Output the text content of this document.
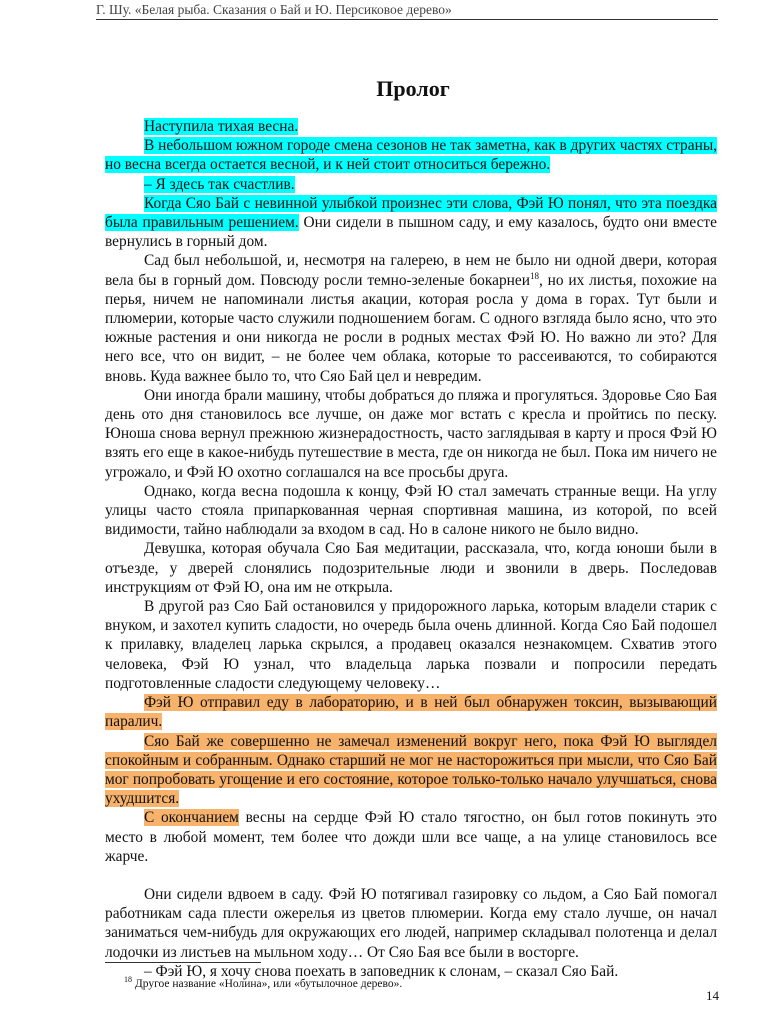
Г. Шу. «Белая рыба. Сказания о Бай и Ю. Персиковое дерево»
Пролог

Наступила тихая весна.

В небольшом южном городе смена сезонов не так заметна, как в других частях страны, но весна всегда остается весной, и к ней стоит относиться бережно.

– Я здесь так счастлив.

Когда Сяо Бай с невинной улыбкой произнес эти слова, Фэй Ю понял, что эта поездка была правильным решением. Они сидели в пышном саду, и ему казалось, будто они вместе вернулись в горный дом.

Сад был небольшой, и, несмотря на галерею, в нем не было ни одной двери, которая вела бы в горный дом. Повсюду росли темно-зеленые бокарнеи$^{18}$, но их листья, похожие на перья, ничем не напоминали листья акации, которая росла у дома в горах. Тут были и плюмерии, которые часто служили подношением богам. С одного взгляда было ясно, что это южные растения и они никогда не росли в родных местах Фэй Ю. Но важно ли это? Для него все, что он видит, – не более чем облака, которые то рассеиваются, то собираются вновь. Куда важнее было то, что Сяо Бай цел и невредим.

Они иногда брали машину, чтобы добраться до пляжа и прогуляться. Здоровье Сяо Бая день ото дня становилось все лучше, он даже мог встать с кресла и пройтись по песку. Юноша снова вернул прежнюю жизнерадостность, часто заглядывая в карту и прося Фэй Ю взять его еще в какое-нибудь путешествие в места, где он никогда не был. Пока им ничего не угрожало, и Фэй Ю охотно соглашался на все просьбы друга.

Однако, когда весна подошла к концу, Фэй Ю стал замечать странные вещи. На углу улицы часто стояла припаркованная черная спортивная машина, из которой, по всей видимости, тайно наблюдали за входом в сад. Но в салоне никого не было видно.

Девушка, которая обучала Сяо Бая медитации, рассказала, что, когда юноши были в отъезде, у дверей слонялись подозрительные люди и звонили в дверь. Последовав инструкциям от Фэй Ю, она им не открыла.

В другой раз Сяо Бай остановился у придорожного ларька, которым владели старик с внуком, и захотел купить сладости, но очередь была очень длинной. Когда Сяо Бай подошел к прилавку, владелец ларька скрылся, а продавец оказался незнакомцем. Схватив этого человека, Фэй Ю узнал, что владельца ларька позвали и попросили передать подготовленные сладости следующему человеку…

Фэй Ю отправил еду в лабораторию, и в ней был обнаружен токсин, вызывающий паралич.

Сяо Бай же совершенно не замечал изменений вокруг него, пока Фэй Ю выглядел спокойным и собранным. Однако старший не мог не насторожиться при мысли, что Сяо Бай мог попробовать угощение и его состояние, которое только-только начало улучшаться, снова ухудшится.

С окончанием весны на сердце Фэй Ю стало тягостно, он был готов покинуть это место в любой момент, тем более что дожди шли все чаще, а на улице становилось все жарче.

Они сидели вдвоем в саду. Фэй Ю потягивал газировку со льдом, а Сяо Бай помогал работникам сада плести ожерелья из цветов плюмерии. Когда ему стало лучше, он начал заниматься чем-нибудь для окружающих его людей, например складывал полотенца и делал лодочки из листьев на мыльном ходу… От Сяо Бая все были в восторге.

– Фэй Ю, я хочу снова поехать в заповедник к слонам, – сказал Сяо Бай.

$^{18}$ Другое название «Нолина», или «бутылочное дерево».
14
